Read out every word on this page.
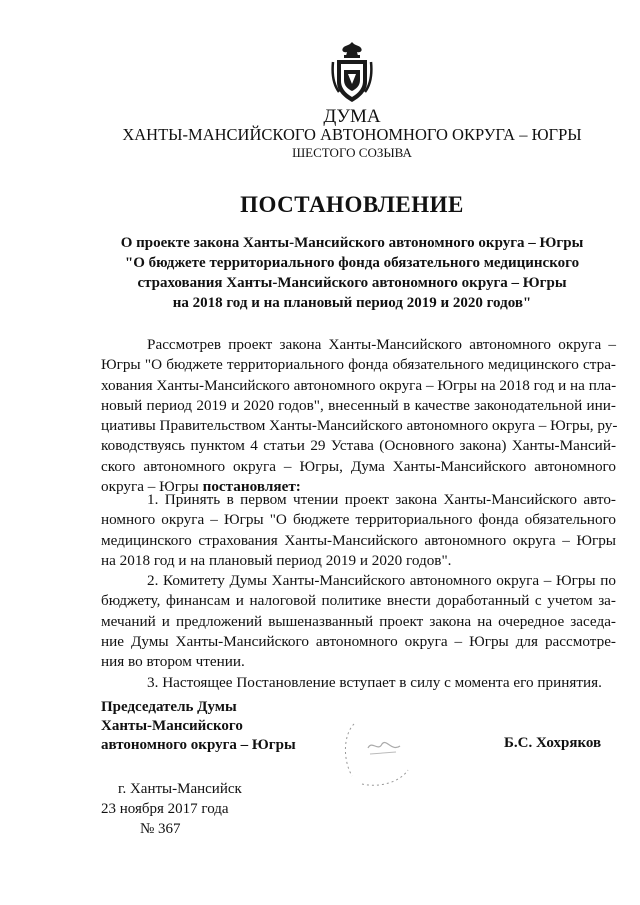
ДУМА
ХАНТЫ-МАНСИЙСКОГО АВТОНОМНОГО ОКРУГА – ЮГРЫ
ШЕСТОГО СОЗЫВА
ПОСТАНОВЛЕНИЕ
О проекте закона Ханты-Мансийского автономного округа – Югры
"О бюджете территориального фонда обязательного медицинского
страхования Ханты-Мансийского автономного округа – Югры
на 2018 год и на плановый период 2019 и 2020 годов"
Рассмотрев проект закона Ханты-Мансийского автономного округа –
Югры "О бюджете территориального фонда обязательного медицинского стра-
хования Ханты-Мансийского автономного округа – Югры на 2018 год и на пла-
новый период 2019 и 2020 годов", внесенный в качестве законодательной ини-
циативы Правительством Ханты-Мансийского автономного округа – Югры, ру-
ководствуясь пунктом 4 статьи 29 Устава (Основного закона) Ханты-Мансий-
ского автономного округа – Югры, Дума Ханты-Мансийского автономного
округа – Югры постановляет:
1. Принять в первом чтении проект закона Ханты-Мансийского авто-
номного округа – Югры "О бюджете территориального фонда обязательного
медицинского страхования Ханты-Мансийского автономного округа – Югры
на 2018 год и на плановый период 2019 и 2020 годов".
2. Комитету Думы Ханты-Мансийского автономного округа – Югры по
бюджету, финансам и налоговой политике внести доработанный с учетом за-
мечаний и предложений вышеназванный проект закона на очередное заседа-
ние Думы Ханты-Мансийского автономного округа – Югры для рассмотре-
ния во втором чтении.
3. Настоящее Постановление вступает в силу с момента его принятия.
Председатель Думы
Ханты-Мансийского
автономного округа – Югры	Б.С. Хохряков
г. Ханты-Мансийск
23 ноября 2017 года
№ 367
